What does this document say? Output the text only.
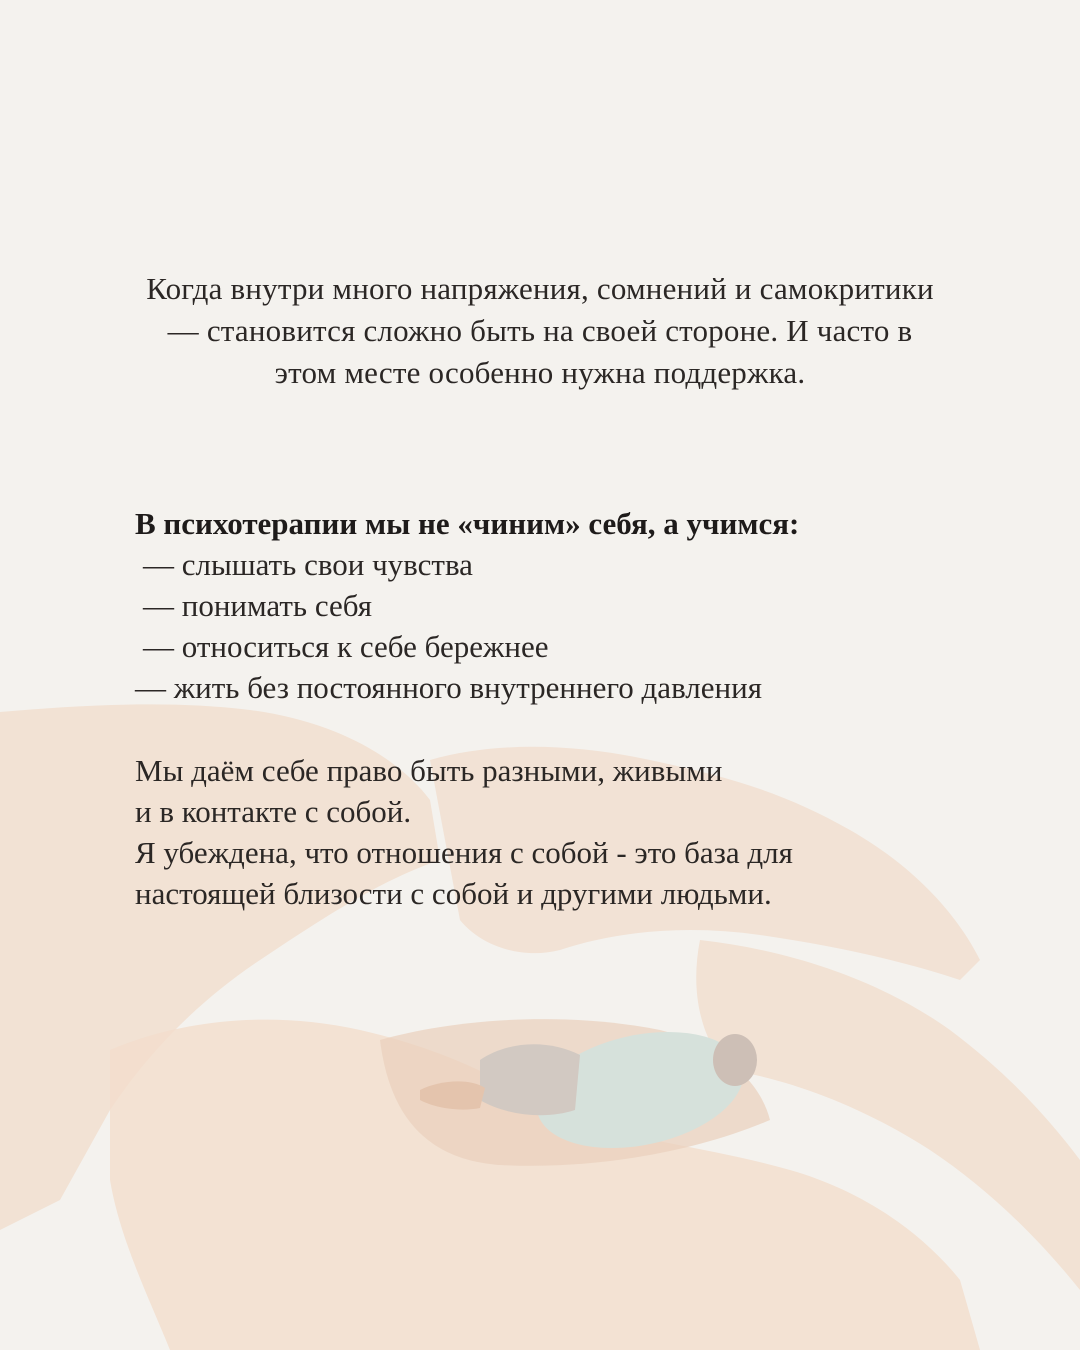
Когда внутри много напряжения, сомнений и самокритики
— становится сложно быть на своей стороне. И часто в
этом месте особенно нужна поддержка.
В психотерапии мы не «чиним» себя, а учимся:
— слышать свои чувства
— понимать себя
— относиться к себе бережнее
— жить без постоянного внутреннего давления
Мы даём себе право быть разными, живыми
и в контакте с собой.
Я убеждена, что отношения с собой - это база для
настоящей близости с собой и другими людьми.
